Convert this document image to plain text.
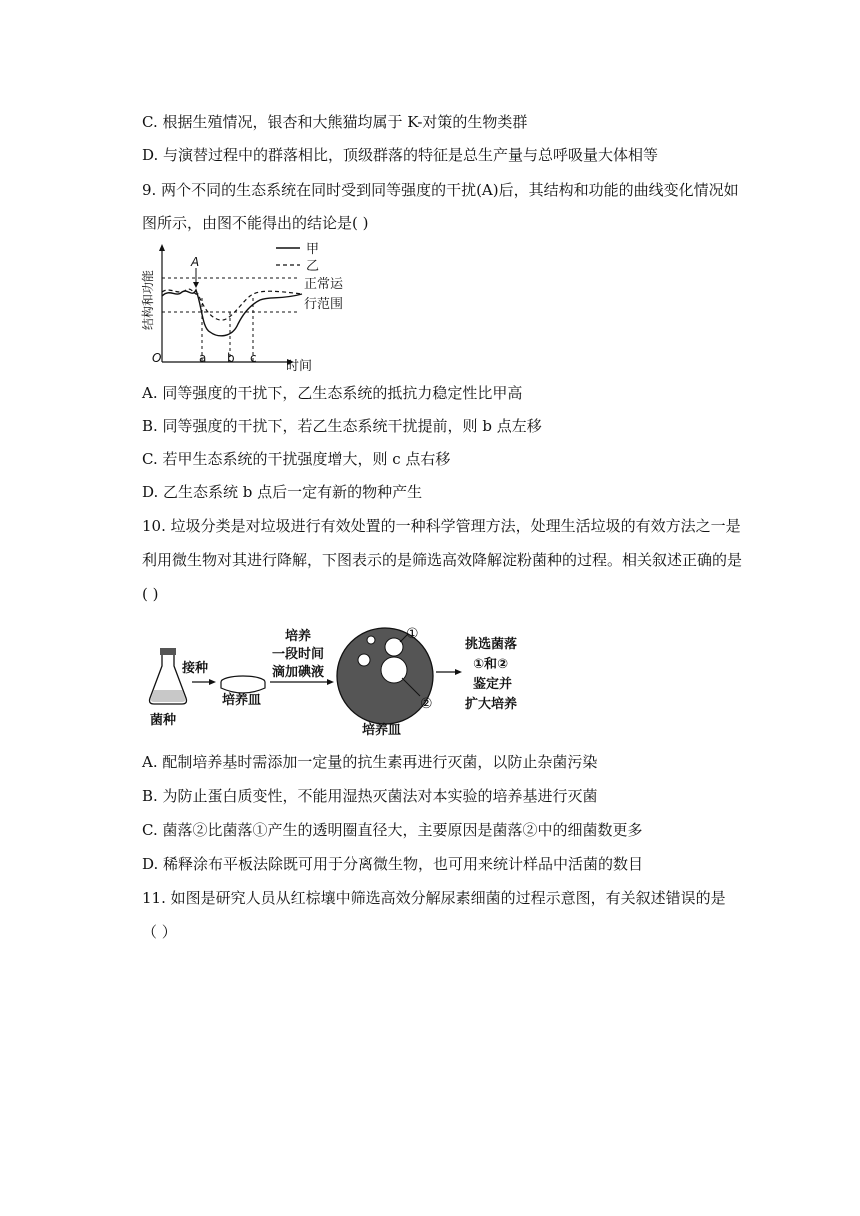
C. 根据生殖情况，银杏和大熊猫均属于 K-对策的生物类群
D. 与演替过程中的群落相比，顶级群落的特征是总生产量与总呼吸量大体相等
9. 两个不同的生态系统在同时受到同等强度的干扰(A)后，其结构和功能的曲线变化情况如
图所示，由图不能得出的结论是( )
甲
乙
正常运
行范围
结构和功能
时间
O
A
a b c
A. 同等强度的干扰下，乙生态系统的抵抗力稳定性比甲高
B. 同等强度的干扰下，若乙生态系统干扰提前，则 b 点左移
C. 若甲生态系统的干扰强度增大，则 c 点右移
D. 乙生态系统 b 点后一定有新的物种产生
10. 垃圾分类是对垃圾进行有效处置的一种科学管理方法，处理生活垃圾的有效方法之一是
利用微生物对其进行降解，下图表示的是筛选高效降解淀粉菌种的过程。相关叙述正确的是
( )
菌种
接种
培养皿
培养
一段时间
滴加碘液
①
②
培养皿
挑选菌落
①和②
鉴定并
扩大培养
A. 配制培养基时需添加一定量的抗生素再进行灭菌，以防止杂菌污染
B. 为防止蛋白质变性，不能用湿热灭菌法对本实验的培养基进行灭菌
C. 菌落②比菌落①产生的透明圈直径大，主要原因是菌落②中的细菌数更多
D. 稀释涂布平板法除既可用于分离微生物，也可用来统计样品中活菌的数目
11. 如图是研究人员从红棕壤中筛选高效分解尿素细菌的过程示意图，有关叙述错误的是
（ ）
